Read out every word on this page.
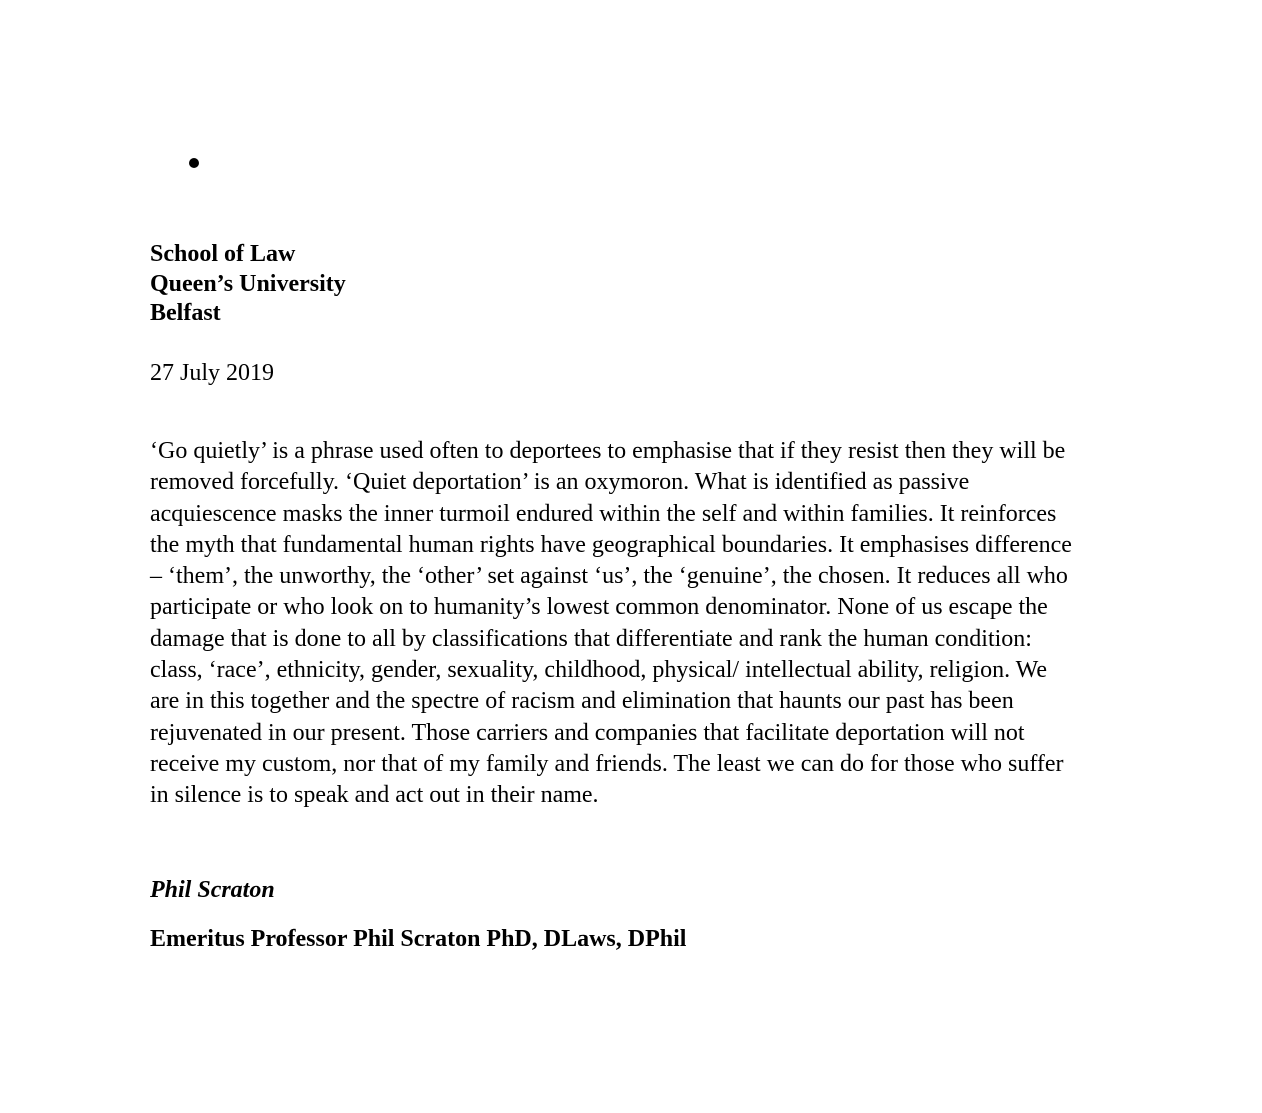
School of Law
Queen’s University
Belfast
27 July 2019
‘Go quietly’ is a phrase used often to deportees to emphasise that if they resist then they will be
removed forcefully. ‘Quiet deportation’ is an oxymoron. What is identified as passive
acquiescence masks the inner turmoil endured within the self and within families. It reinforces
the myth that fundamental human rights have geographical boundaries. It emphasises difference
– ‘them’, the unworthy, the ‘other’ set against ‘us’, the ‘genuine’, the chosen. It reduces all who
participate or who look on to humanity’s lowest common denominator. None of us escape the
damage that is done to all by classifications that differentiate and rank the human condition:
class, ‘race’, ethnicity, gender, sexuality, childhood, physical/ intellectual ability, religion. We
are in this together and the spectre of racism and elimination that haunts our past has been
rejuvenated in our present. Those carriers and companies that facilitate deportation will not
receive my custom, nor that of my family and friends. The least we can do for those who suffer
in silence is to speak and act out in their name.
Phil Scraton
Emeritus Professor Phil Scraton PhD, DLaws, DPhil
